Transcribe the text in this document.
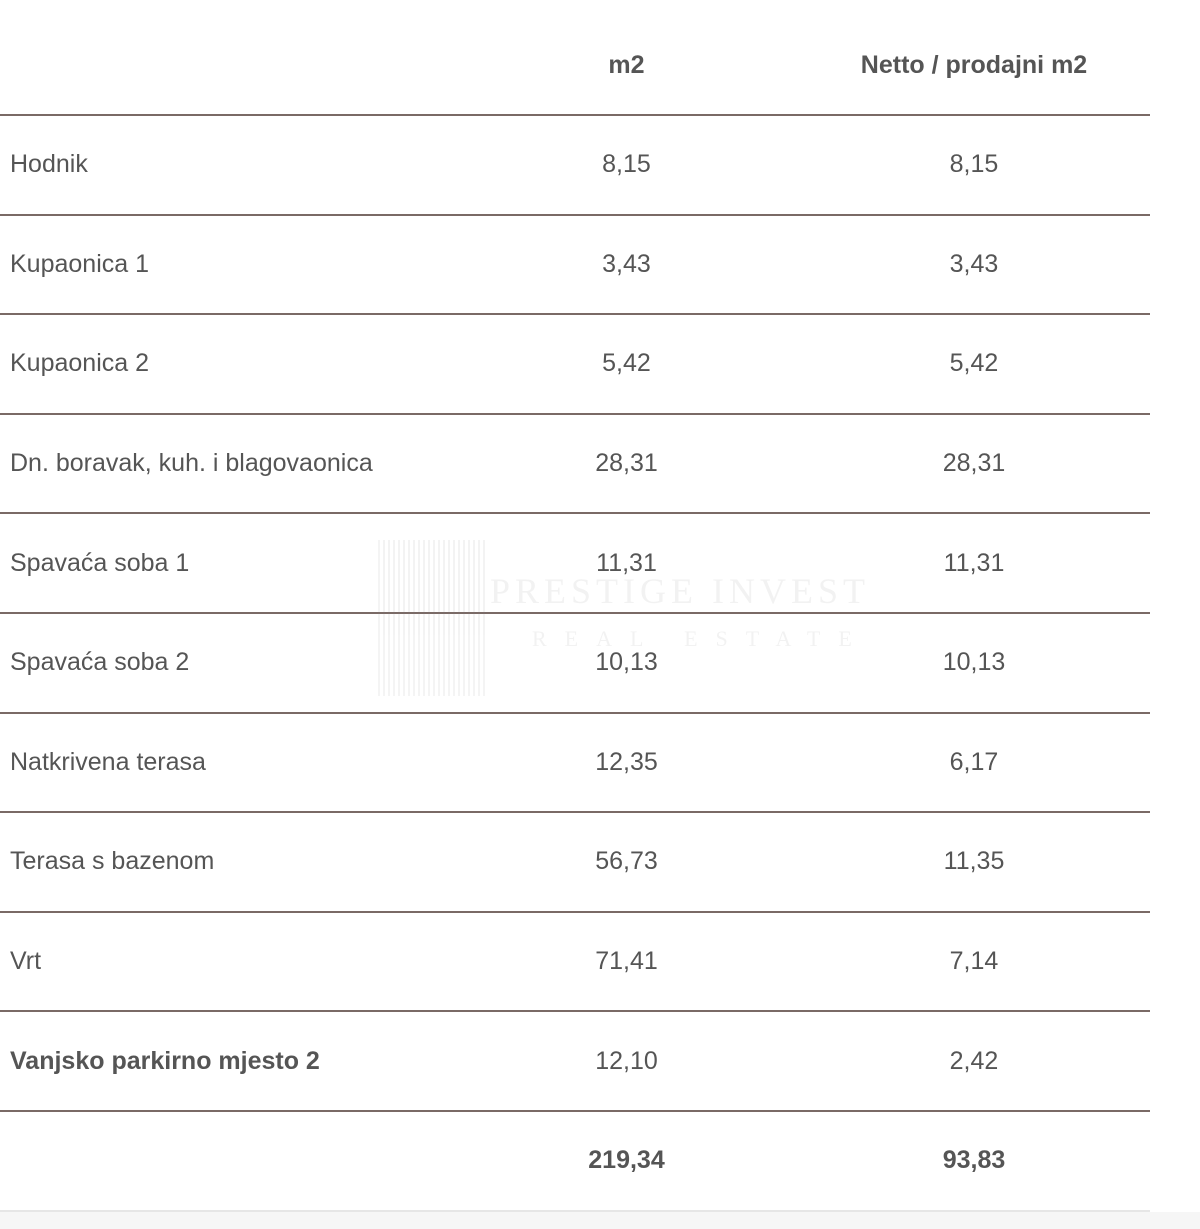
	m2	Netto / prodajni m2
Hodnik	8,15	8,15
Kupaonica 1	3,43	3,43
Kupaonica 2	5,42	5,42
Dn. boravak, kuh. i blagovaonica	28,31	28,31
Spavaća soba 1	11,31	11,31
Spavaća soba 2	10,13	10,13
Natkrivena terasa	12,35	6,17
Terasa s bazenom	56,73	11,35
Vrt	71,41	7,14
Vanjsko parkirno mjesto 2	12,10	2,42
	219,34	93,83
PRESTIGE INVEST
REAL ESTATE
